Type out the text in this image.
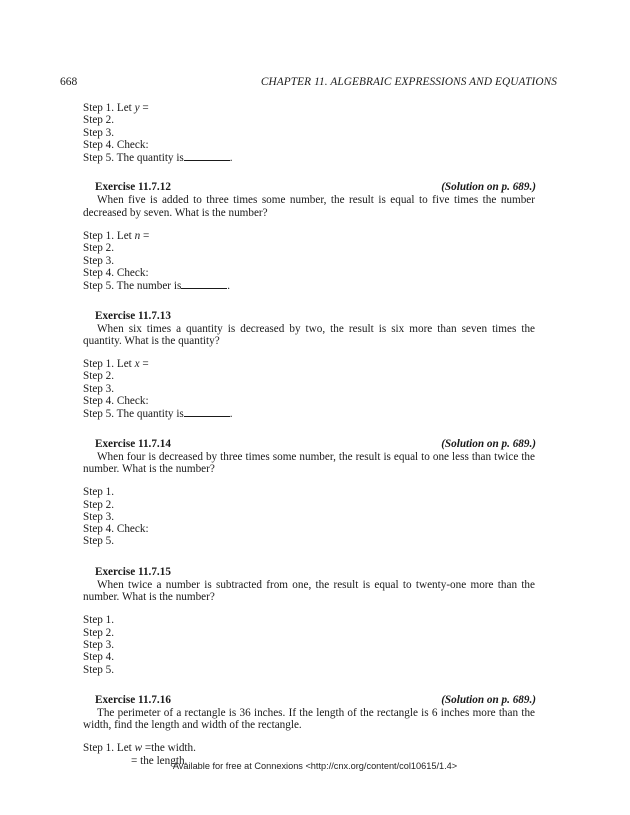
668	CHAPTER 11. ALGEBRAIC EXPRESSIONS AND EQUATIONS
Step 1. Let y =
Step 2.
Step 3.
Step 4. Check:
Step 5. The quantity is	.
Exercise 11.7.12	(Solution on p. 689.)

When five is added to three times some number, the result is equal to five times the number decreased by seven. What is the number?

Step 1. Let n =
Step 2.
Step 3.
Step 4. Check:
Step 5. The number is	.
Exercise 11.7.13

When six times a quantity is decreased by two, the result is six more than seven times the quantity. What is the quantity?

Step 1. Let x =
Step 2.
Step 3.
Step 4. Check:
Step 5. The quantity is	.
Exercise 11.7.14	(Solution on p. 689.)

When four is decreased by three times some number, the result is equal to one less than twice the number. What is the number?

Step 1.
Step 2.
Step 3.
Step 4. Check:
Step 5.
Exercise 11.7.15

When twice a number is subtracted from one, the result is equal to twenty-one more than the number. What is the number?

Step 1.
Step 2.
Step 3.
Step 4.
Step 5.
Exercise 11.7.16	(Solution on p. 689.)

The perimeter of a rectangle is 36 inches. If the length of the rectangle is 6 inches more than the width, find the length and width of the rectangle.

Step 1. Let w =the width.
= the length.
Available for free at Connexions <http://cnx.org/content/col10615/1.4>
